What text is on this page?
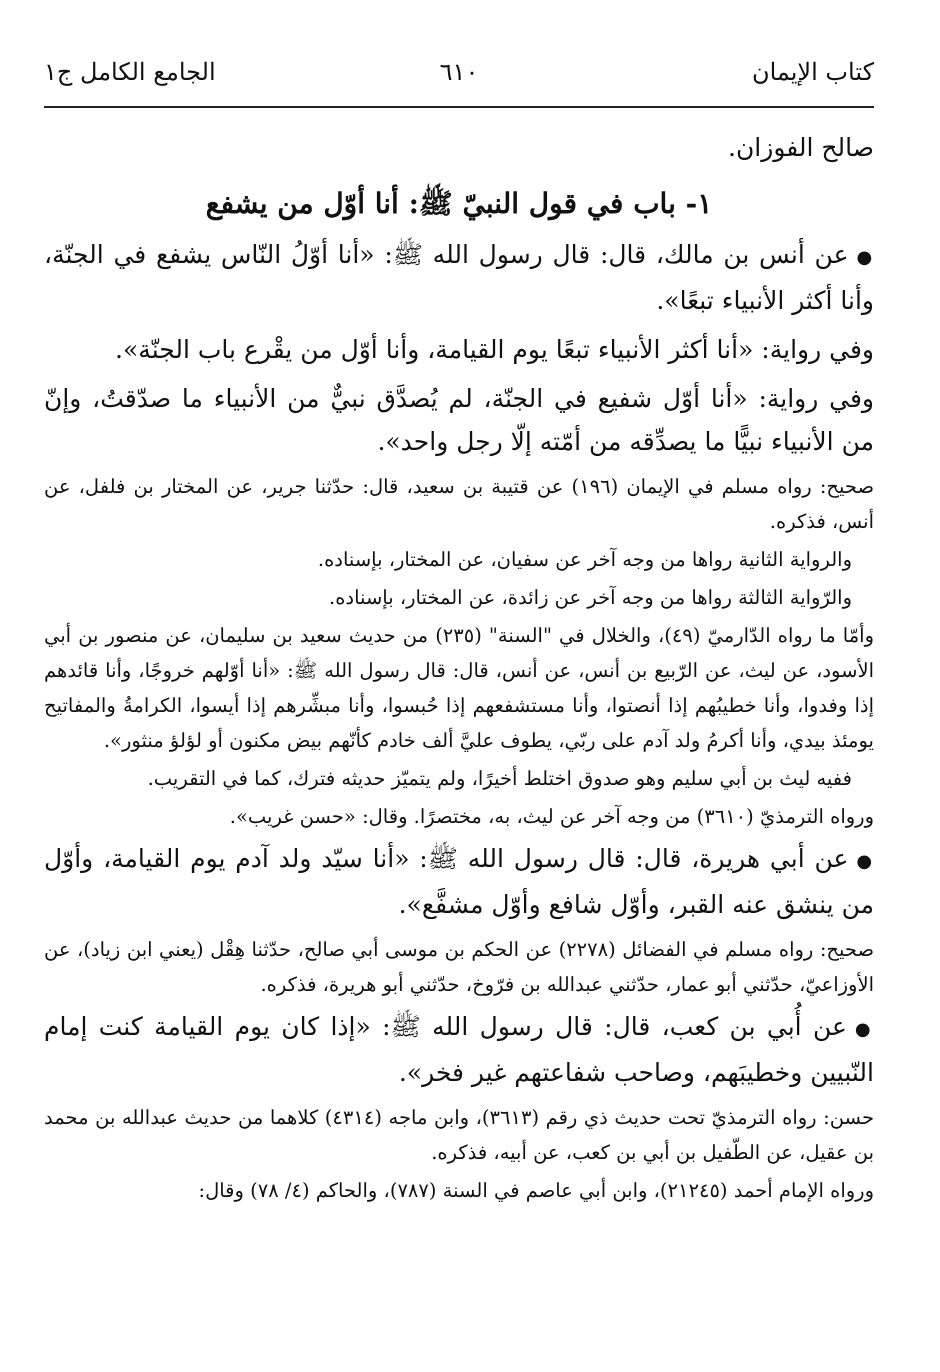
كتاب الإيمان
٦١٠
الجامع الكامل ج١

صالح الفوزان.

١- باب في قول النبيّ ﷺ: أنا أوّل من يشفع

●عن أنس بن مالك، قال: قال رسول الله ﷺ: «أنا أوّلُ النّاس يشفع في الجنّة، وأنا أكثر الأنبياء تبعًا».

وفي رواية: «أنا أكثر الأنبياء تبعًا يوم القيامة، وأنا أوّل من يقْرع باب الجنّة».

وفي رواية: «أنا أوّل شفيع في الجنّة، لم يُصدَّق نبيٌّ من الأنبياء ما صدّقتُ، وإنّ من الأنبياء نبيًّا ما يصدِّقه من أمّته إلّا رجل واحد».

صحيح: رواه مسلم في الإيمان (١٩٦) عن قتيبة بن سعيد، قال: حدّثنا جرير، عن المختار بن فلفل، عن أنس، فذكره.

والرواية الثانية رواها من وجه آخر عن سفيان، عن المختار، بإسناده.

والرّواية الثالثة رواها من وجه آخر عن زائدة، عن المختار، بإسناده.

وأمّا ما رواه الدّارميّ (٤٩)، والخلال في "السنة" (٢٣٥) من حديث سعيد بن سليمان، عن منصور بن أبي الأسود، عن ليث، عن الرّبيع بن أنس، عن أنس، قال: قال رسول الله ﷺ: «أنا أوّلهم خروجًا، وأنا قائدهم إذا وفدوا، وأنا خطيبُهم إذا أنصتوا، وأنا مستشفعهم إذا حُبسوا، وأنا مبشِّرهم إذا أيسوا، الكرامةُ والمفاتيح يومئذ بيدي، وأنا أكرمُ ولد آدم على ربّي، يطوف عليَّ ألف خادم كأنّهم بيض مكنون أو لؤلؤ منثور».

ففيه ليث بن أبي سليم وهو صدوق اختلط أخيرًا، ولم يتميّز حديثه فترك، كما في التقريب.

ورواه الترمذيّ (٣٦١٠) من وجه آخر عن ليث، به، مختصرًا. وقال: «حسن غريب».

●عن أبي هريرة، قال: قال رسول الله ﷺ: «أنا سيّد ولد آدم يوم القيامة، وأوّل من ينشق عنه القبر، وأوّل شافع وأوّل مشفَّع».

صحيح: رواه مسلم في الفضائل (٢٢٧٨) عن الحكم بن موسى أبي صالح، حدّثنا هِقْل (يعني ابن زياد)، عن الأوزاعيّ، حدّثني أبو عمار، حدّثني عبدالله بن فرّوخ، حدّثني أبو هريرة، فذكره.

●عن أُبي بن كعب، قال: قال رسول الله ﷺ: «إذا كان يوم القيامة كنت إمام النّبيين وخطيبَهم، وصاحب شفاعتهم غير فخر».

حسن: رواه الترمذيّ تحت حديث ذي رقم (٣٦١٣)، وابن ماجه (٤٣١٤) كلاهما من حديث عبدالله بن محمد بن عقيل، عن الطّفيل بن أبي بن كعب، عن أبيه، فذكره.

ورواه الإمام أحمد (٢١٢٤٥)، وابن أبي عاصم في السنة (٧٨٧)، والحاكم (٤/ ٧٨) وقال:
